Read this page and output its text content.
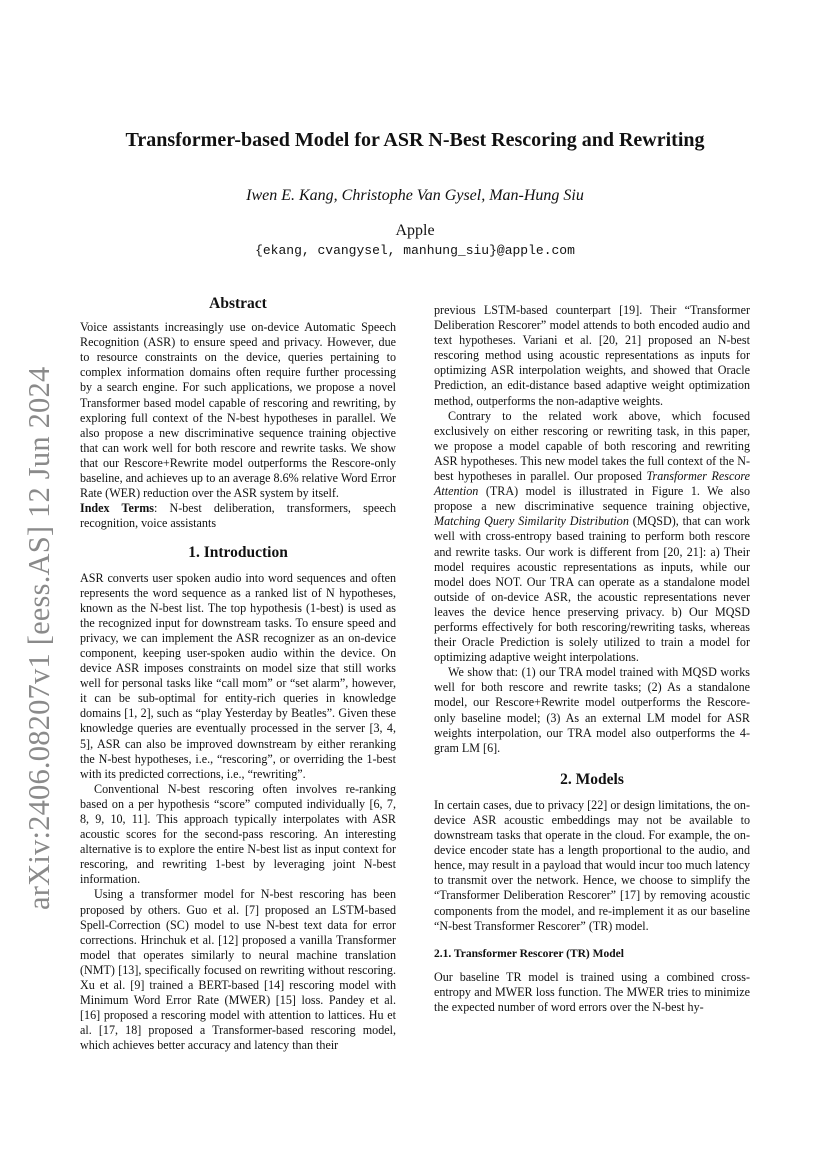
arXiv:2406.08207v1 [eess.AS] 12 Jun 2024
Transformer-based Model for ASR N-Best Rescoring and Rewriting
Iwen E. Kang, Christophe Van Gysel, Man-Hung Siu
Apple
{ekang, cvangysel, manhung_siu}@apple.com
Abstract

Voice assistants increasingly use on-device Automatic Speech Recognition (ASR) to ensure speed and privacy. However, due to resource constraints on the device, queries pertaining to complex information domains often require further processing by a search engine. For such applications, we propose a novel Transformer based model capable of rescoring and rewriting, by exploring full context of the N-best hypotheses in parallel. We also propose a new discriminative sequence training objective that can work well for both rescore and rewrite tasks. We show that our Rescore+Rewrite model outperforms the Rescore-only baseline, and achieves up to an average 8.6% relative Word Error Rate (WER) reduction over the ASR system by itself.

Index Terms: N-best deliberation, transformers, speech recognition, voice assistants

1. Introduction

ASR converts user spoken audio into word sequences and often represents the word sequence as a ranked list of N hypotheses, known as the N-best list. The top hypothesis (1-best) is used as the recognized input for downstream tasks. To ensure speed and privacy, we can implement the ASR recognizer as an on-device component, keeping user-spoken audio within the device. On device ASR imposes constraints on model size that still works well for personal tasks like “call mom” or “set alarm”, however, it can be sub-optimal for entity-rich queries in knowledge domains [1, 2], such as “play Yesterday by Beatles”. Given these knowledge queries are eventually processed in the server [3, 4, 5], ASR can also be improved downstream by either reranking the N-best hypotheses, i.e., “rescoring”, or overriding the 1-best with its predicted corrections, i.e., “rewriting”.

Conventional N-best rescoring often involves re-ranking based on a per hypothesis “score” computed individually [6, 7, 8, 9, 10, 11]. This approach typically interpolates with ASR acoustic scores for the second-pass rescoring. An interesting alternative is to explore the entire N-best list as input context for rescoring, and rewriting 1-best by leveraging joint N-best information.

Using a transformer model for N-best rescoring has been proposed by others. Guo et al. [7] proposed an LSTM-based Spell-Correction (SC) model to use N-best text data for error corrections. Hrinchuk et al. [12] proposed a vanilla Transformer model that operates similarly to neural machine translation (NMT) [13], specifically focused on rewriting without rescoring. Xu et al. [9] trained a BERT-based [14] rescoring model with Minimum Word Error Rate (MWER) [15] loss. Pandey et al. [16] proposed a rescoring model with attention to lattices. Hu et al. [17, 18] proposed a Transformer-based rescoring model, which achieves better accuracy and latency than their

previous LSTM-based counterpart [19]. Their “Transformer Deliberation Rescorer” model attends to both encoded audio and text hypotheses. Variani et al. [20, 21] proposed an N-best rescoring method using acoustic representations as inputs for optimizing ASR interpolation weights, and showed that Oracle Prediction, an edit-distance based adaptive weight optimization method, outperforms the non-adaptive weights.

Contrary to the related work above, which focused exclusively on either rescoring or rewriting task, in this paper, we propose a model capable of both rescoring and rewriting ASR hypotheses. This new model takes the full context of the N-best hypotheses in parallel. Our proposed Transformer Rescore Attention (TRA) model is illustrated in Figure 1. We also propose a new discriminative sequence training objective, Matching Query Similarity Distribution (MQSD), that can work well with cross-entropy based training to perform both rescore and rewrite tasks. Our work is different from [20, 21]: a) Their model requires acoustic representations as inputs, while our model does NOT. Our TRA can operate as a standalone model outside of on-device ASR, the acoustic representations never leaves the device hence preserving privacy. b) Our MQSD performs effectively for both rescoring/rewriting tasks, whereas their Oracle Prediction is solely utilized to train a model for optimizing adaptive weight interpolations.

We show that: (1) our TRA model trained with MQSD works well for both rescore and rewrite tasks; (2) As a standalone model, our Rescore+Rewrite model outperforms the Rescore-only baseline model; (3) As an external LM model for ASR weights interpolation, our TRA model also outperforms the 4-gram LM [6].

2. Models

In certain cases, due to privacy [22] or design limitations, the on-device ASR acoustic embeddings may not be available to downstream tasks that operate in the cloud. For example, the on-device encoder state has a length proportional to the audio, and hence, may result in a payload that would incur too much latency to transmit over the network. Hence, we choose to simplify the “Transformer Deliberation Rescorer” [17] by removing acoustic components from the model, and re-implement it as our baseline “N-best Transformer Rescorer” (TR) model.

2.1. Transformer Rescorer (TR) Model

Our baseline TR model is trained using a combined cross-entropy and MWER loss function. The MWER tries to minimize the expected number of word errors over the N-best hy-
